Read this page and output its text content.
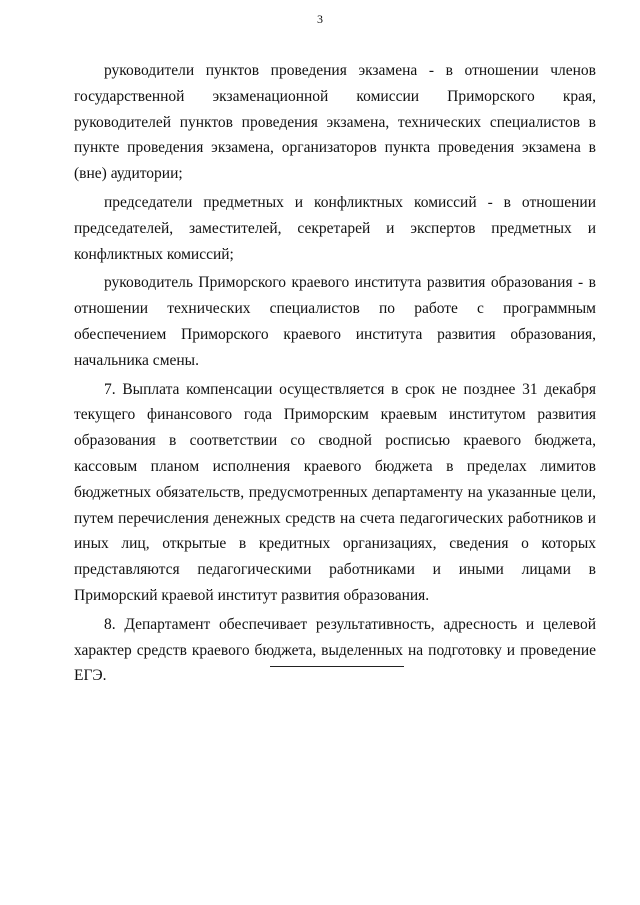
3

руководители пунктов проведения экзамена - в отношении членов государственной экзаменационной комиссии Приморского края, руководителей пунктов проведения экзамена, технических специалистов в пункте проведения экзамена, организаторов пункта проведения экзамена в (вне) аудитории;

председатели предметных и конфликтных комиссий - в отношении председателей, заместителей, секретарей и экспертов предметных и конфликтных комиссий;

руководитель Приморского краевого института развития образования - в отношении технических специалистов по работе с программным обеспечением Приморского краевого института развития образования, начальника смены.

7. Выплата компенсации осуществляется в срок не позднее 31 декабря текущего финансового года Приморским краевым институтом развития образования в соответствии со сводной росписью краевого бюджета, кассовым планом исполнения краевого бюджета в пределах лимитов бюджетных обязательств, предусмотренных департаменту на указанные цели, путем перечисления денежных средств на счета педагогических работников и иных лиц, открытые в кредитных организациях, сведения о которых представляются педагогическими работниками и иными лицами в Приморский краевой институт развития образования.

8. Департамент обеспечивает результативность, адресность и целевой характер средств краевого бюджета, выделенных на подготовку и проведение ЕГЭ.
